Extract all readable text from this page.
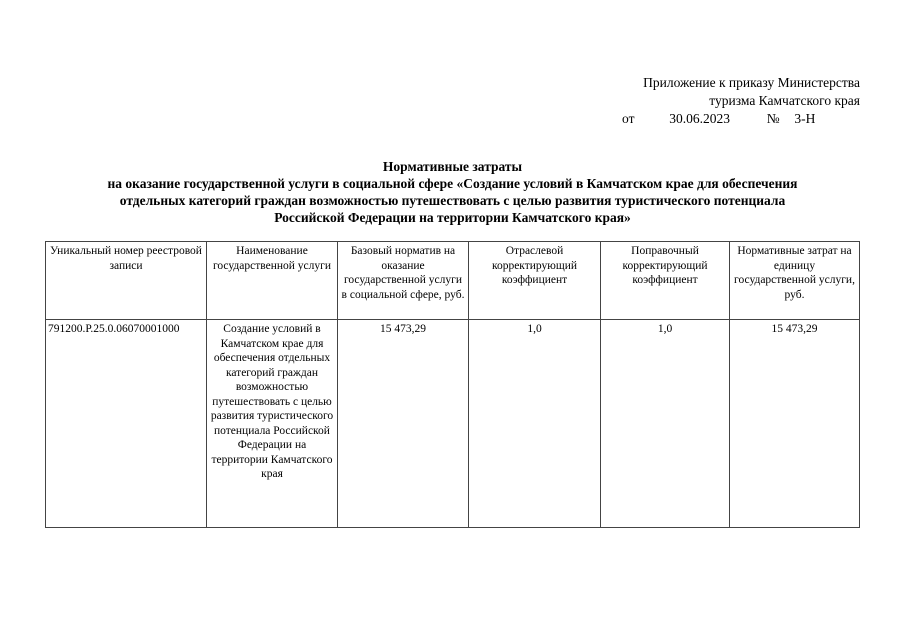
Приложение к приказу Министерства
туризма Камчатского края
от	30.06.2023	№ 3-Н
Нормативные затраты
на оказание государственной услуги в социальной сфере «Создание условий в Камчатском крае для обеспечения
отдельных категорий граждан возможностью путешествовать с целью развития туристического потенциала
Российской Федерации на территории Камчатского края»
Уникальный номер реестровой записи	Наименование государственной услуги	Базовый норматив на оказание государственной услуги в социальной сфере, руб.	Отраслевой корректирующий коэффициент	Поправочный корректирующий коэффициент	Нормативные затрат на единицу государственной услуги, руб.
791200.Р.25.0.06070001000	Создание условий в Камчатском крае для обеспечения отдельных категорий граждан возможностью путешествовать с целью развития туристического потенциала Российской Федерации на территории Камчатского края	15 473,29	1,0	1,0	15 473,29
